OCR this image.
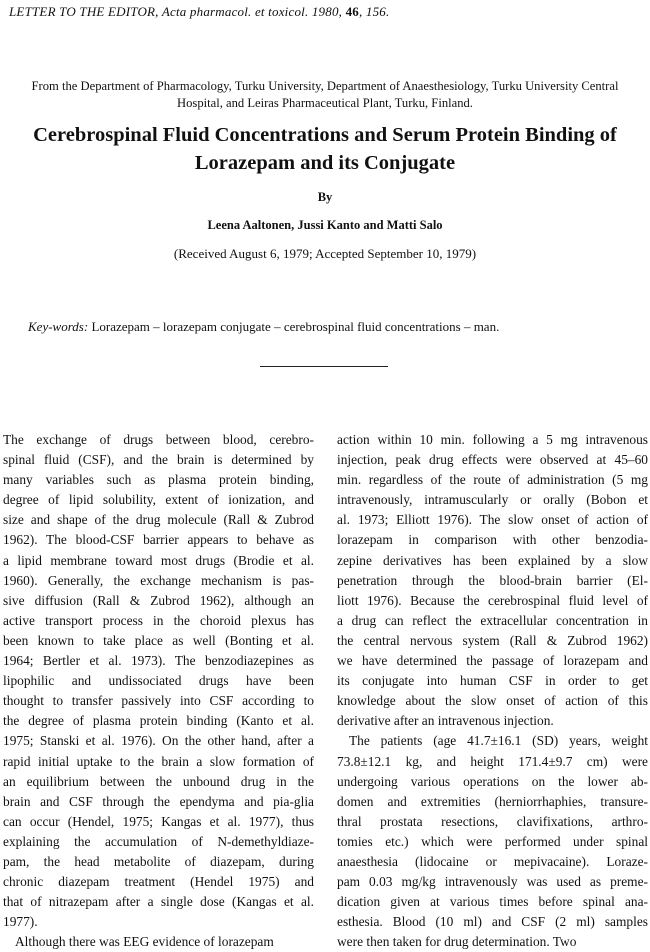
LETTER TO THE EDITOR, Acta pharmacol. et toxicol. 1980, 46, 156.
From the Department of Pharmacology, Turku University, Department of Anaesthesiology, Turku University Central
Hospital, and Leiras Pharmaceutical Plant, Turku, Finland.
Cerebrospinal Fluid Concentrations and Serum Protein Binding of
Lorazepam and its Conjugate
By
Leena Aaltonen, Jussi Kanto and Matti Salo
(Received August 6, 1979; Accepted September 10, 1979)
Key-words: Lorazepam – lorazepam conjugate – cerebrospinal fluid concentrations – man.
The exchange of drugs between blood, cerebro-
spinal fluid (CSF), and the brain is determined by
many variables such as plasma protein binding,
degree of lipid solubility, extent of ionization, and
size and shape of the drug molecule (Rall & Zubrod
1962). The blood-CSF barrier appears to behave as
a lipid membrane toward most drugs (Brodie et al.
1960). Generally, the exchange mechanism is pas-
sive diffusion (Rall & Zubrod 1962), although an
active transport process in the choroid plexus has
been known to take place as well (Bonting et al.
1964; Bertler et al. 1973). The benzodiazepines as
lipophilic and undissociated drugs have been
thought to transfer passively into CSF according to
the degree of plasma protein binding (Kanto et al.
1975; Stanski et al. 1976). On the other hand, after a
rapid initial uptake to the brain a slow formation of
an equilibrium between the unbound drug in the
brain and CSF through the ependyma and pia-glia
can occur (Hendel, 1975; Kangas et al. 1977), thus
explaining the accumulation of N-demethyldiaze-
pam, the head metabolite of diazepam, during
chronic diazepam treatment (Hendel 1975) and
that of nitrazepam after a single dose (Kangas et al.
1977).
Although there was EEG evidence of lorazepam
action within 10 min. following a 5 mg intravenous
injection, peak drug effects were observed at 45–60
min. regardless of the route of administration (5 mg
intravenously, intramuscularly or orally (Bobon et
al. 1973; Elliott 1976). The slow onset of action of
lorazepam in comparison with other benzodia-
zepine derivatives has been explained by a slow
penetration through the blood-brain barrier (El-
liott 1976). Because the cerebrospinal fluid level of
a drug can reflect the extracellular concentration in
the central nervous system (Rall & Zubrod 1962)
we have determined the passage of lorazepam and
its conjugate into human CSF in order to get
knowledge about the slow onset of action of this
derivative after an intravenous injection.
The patients (age 41.7±16.1 (SD) years, weight
73.8±12.1 kg, and height 171.4±9.7 cm) were
undergoing various operations on the lower ab-
domen and extremities (herniorrhaphies, transure-
thral prostata resections, clavifixations, arthro-
tomies etc.) which were performed under spinal
anaesthesia (lidocaine or mepivacaine). Loraze-
pam 0.03 mg/kg intravenously was used as preme-
dication given at various times before spinal ana-
esthesia. Blood (10 ml) and CSF (2 ml) samples
were then taken for drug determination. Two
